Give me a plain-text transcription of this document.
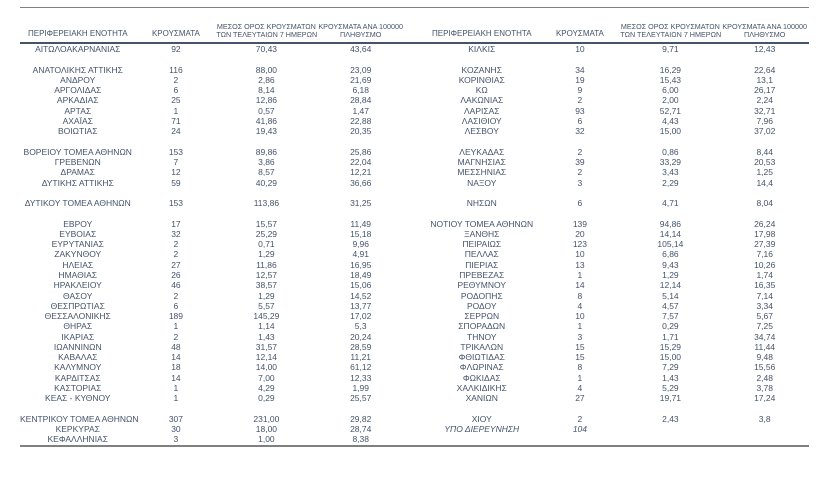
ΠΕΡΙΦΕΡΕΙΑΚΗ ΕΝΟΤΗΤΑ	ΚΡΟΥΣΜΑΤΑ	ΜΕΣΟΣ ΟΡΟΣ ΚΡΟΥΣΜΑΤΩΝ
ΤΩΝ ΤΕΛΕΥΤΑΙΩΝ 7 ΗΜΕΡΩΝ	ΚΡΟΥΣΜΑΤΑ ΑΝΑ 100000
ΠΛΗΘΥΣΜΟ

ΑΙΤΩΛΟΑΚΑΡΝΑΝΙΑΣ	92	70,43	43,64

ΑΝΑΤΟΛΙΚΗΣ ΑΤΤΙΚΗΣ	116	88,00	23,09
ΑΝΔΡΟΥ	2	2,86	21,69
ΑΡΓΟΛΙΔΑΣ	6	8,14	6,18
ΑΡΚΑΔΙΑΣ	25	12,86	28,84
ΑΡΤΑΣ	1	0,57	1,47
ΑΧΑΪΑΣ	71	41,86	22,88
ΒΟΙΩΤΙΑΣ	24	19,43	20,35

ΒΟΡΕΙΟΥ ΤΟΜΕΑ ΑΘΗΝΩΝ	153	89,86	25,86
ΓΡΕΒΕΝΩΝ	7	3,86	22,04
ΔΡΑΜΑΣ	12	8,57	12,21
ΔΥΤΙΚΗΣ ΑΤΤΙΚΗΣ	59	40,29	36,66

ΔΥΤΙΚΟΥ ΤΟΜΕΑ ΑΘΗΝΩΝ	153	113,86	31,25

ΕΒΡΟΥ	17	15,57	11,49
ΕΥΒΟΙΑΣ	32	25,29	15,18
ΕΥΡΥΤΑΝΙΑΣ	2	0,71	9,96
ΖΑΚΥΝΘΟΥ	2	1,29	4,91
ΗΛΕΙΑΣ	27	11,86	16,95
ΗΜΑΘΙΑΣ	26	12,57	18,49
ΗΡΑΚΛΕΙΟΥ	46	38,57	15,06
ΘΑΣΟΥ	2	1,29	14,52
ΘΕΣΠΡΩΤΙΑΣ	6	5,57	13,77
ΘΕΣΣΑΛΟΝΙΚΗΣ	189	145,29	17,02
ΘΗΡΑΣ	1	1,14	5,3
ΙΚΑΡΙΑΣ	2	1,43	20,24
ΙΩΑΝΝΙΝΩΝ	48	31,57	28,59
ΚΑΒΑΛΑΣ	14	12,14	11,21
ΚΑΛΥΜΝΟΥ	18	14,00	61,12
ΚΑΡΔΙΤΣΑΣ	14	7,00	12,33
ΚΑΣΤΟΡΙΑΣ	1	4,29	1,99
ΚΕΑΣ - ΚΥΘΝΟΥ	1	0,29	25,57

ΚΕΝΤΡΙΚΟΥ ΤΟΜΕΑ ΑΘΗΝΩΝ	307	231,00	29,82
ΚΕΡΚΥΡΑΣ	30	18,00	28,74
ΚΕΦΑΛΛΗΝΙΑΣ	3	1,00	8,38
ΠΕΡΙΦΕΡΕΙΑΚΗ ΕΝΟΤΗΤΑ	ΚΡΟΥΣΜΑΤΑ	ΜΕΣΟΣ ΟΡΟΣ ΚΡΟΥΣΜΑΤΩΝ
ΤΩΝ ΤΕΛΕΥΤΑΙΩΝ 7 ΗΜΕΡΩΝ	ΚΡΟΥΣΜΑΤΑ ΑΝΑ 100000
ΠΛΗΘΥΣΜΟ

ΚΙΛΚΙΣ	10	9,71	12,43

ΚΟΖΑΝΗΣ	34	16,29	22,64
ΚΟΡΙΝΘΙΑΣ	19	15,43	13,1
ΚΩ	9	6,00	26,17
ΛΑΚΩΝΙΑΣ	2	2,00	2,24
ΛΑΡΙΣΑΣ	93	52,71	32,71
ΛΑΣΙΘΙΟΥ	6	4,43	7,96
ΛΕΣΒΟΥ	32	15,00	37,02

ΛΕΥΚΑΔΑΣ	2	0,86	8,44
ΜΑΓΝΗΣΙΑΣ	39	33,29	20,53
ΜΕΣΣΗΝΙΑΣ	2	3,43	1,25
ΝΑΞΟΥ	3	2,29	14,4

ΝΗΣΩΝ	6	4,71	8,04

ΝΟΤΙΟΥ ΤΟΜΕΑ ΑΘΗΝΩΝ	139	94,86	26,24
ΞΑΝΘΗΣ	20	14,14	17,98
ΠΕΙΡΑΙΩΣ	123	105,14	27,39
ΠΕΛΛΑΣ	10	6,86	7,16
ΠΙΕΡΙΑΣ	13	9,43	10,26
ΠΡΕΒΕΖΑΣ	1	1,29	1,74
ΡΕΘΥΜΝΟΥ	14	12,14	16,35
ΡΟΔΟΠΗΣ	8	5,14	7,14
ΡΟΔΟΥ	4	4,57	3,34
ΣΕΡΡΩΝ	10	7,57	5,67
ΣΠΟΡΑΔΩΝ	1	0,29	7,25
ΤΗΝΟΥ	3	1,71	34,74
ΤΡΙΚΑΛΩΝ	15	15,29	11,44
ΦΘΙΩΤΙΔΑΣ	15	15,00	9,48
ΦΛΩΡΙΝΑΣ	8	7,29	15,56
ΦΩΚΙΔΑΣ	1	1,43	2,48
ΧΑΛΚΙΔΙΚΗΣ	4	5,29	3,78
ΧΑΝΙΩΝ	27	19,71	17,24

ΧΙΟΥ	2	2,43	3,8
ΥΠΟ ΔΙΕΡΕΥΝΗΣΗ	104		
